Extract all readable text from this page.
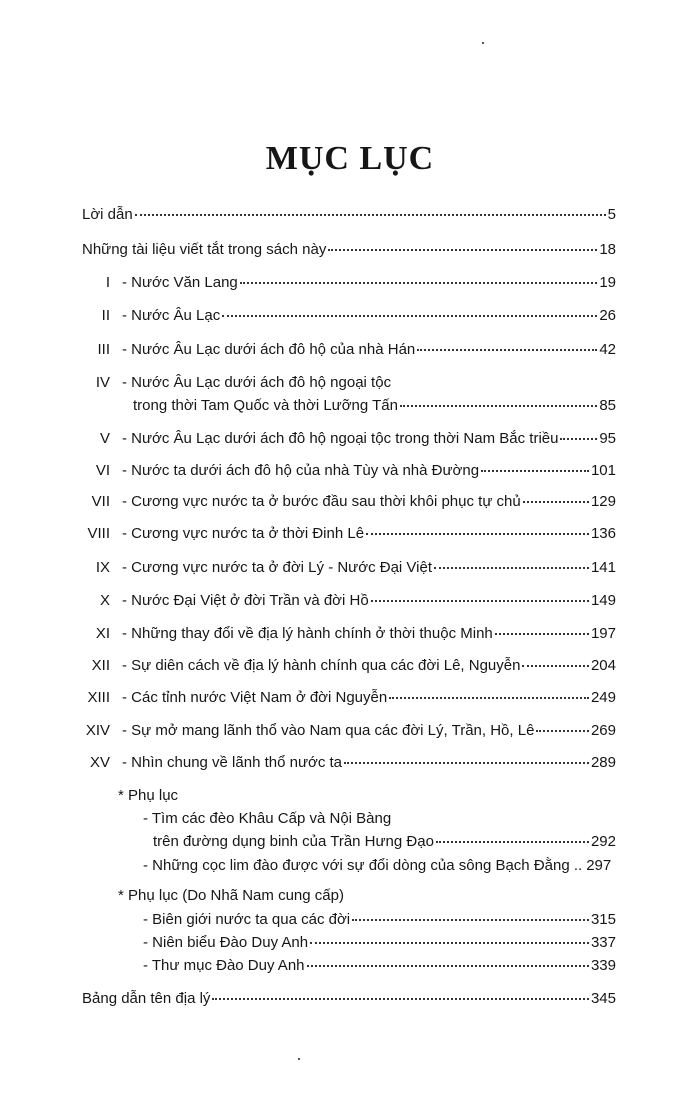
MỤC LỤC
Lời dẫn	5
Những tài liệu viết tắt trong sách này	18
I - Nước Văn Lang	19
II - Nước Âu Lạc	26
III - Nước Âu Lạc dưới ách đô hộ của nhà Hán	42
IV - Nước Âu Lạc dưới ách đô hộ ngoại tộc
trong thời Tam Quốc và thời Lưỡng Tấn	85
V - Nước Âu Lạc dưới ách đô hộ ngoại tộc trong thời Nam Bắc triều	95
VI - Nước ta dưới ách đô hộ của nhà Tùy và nhà Đường	101
VII - Cương vực nước ta ở bước đầu sau thời khôi phục tự chủ	129
VIII - Cương vực nước ta ở thời Đinh Lê	136
IX - Cương vực nước ta ở đời Lý - Nước Đại Việt	141
X - Nước Đại Việt ở đời Trần và đời Hồ	149
XI - Những thay đổi về địa lý hành chính ở thời thuộc Minh	197
XII - Sự diên cách về địa lý hành chính qua các đời Lê, Nguyễn	204
XIII - Các tỉnh nước Việt Nam ở đời Nguyễn	249
XIV - Sự mở mang lãnh thổ vào Nam qua các đời Lý, Trần, Hồ, Lê	269
XV - Nhìn chung về lãnh thổ nước ta	289
* Phụ lục
- Tìm các đèo Khâu Cấp và Nội Bàng
trên đường dụng binh của Trần Hưng Đạo	292
- Những cọc lim đào được với sự đổi dòng của sông Bạch Đằng .. 297
* Phụ lục (Do Nhã Nam cung cấp)
- Biên giới nước ta qua các đời	315
- Niên biểu Đào Duy Anh	337
- Thư mục Đào Duy Anh	339
Bảng dẫn tên địa lý	345
